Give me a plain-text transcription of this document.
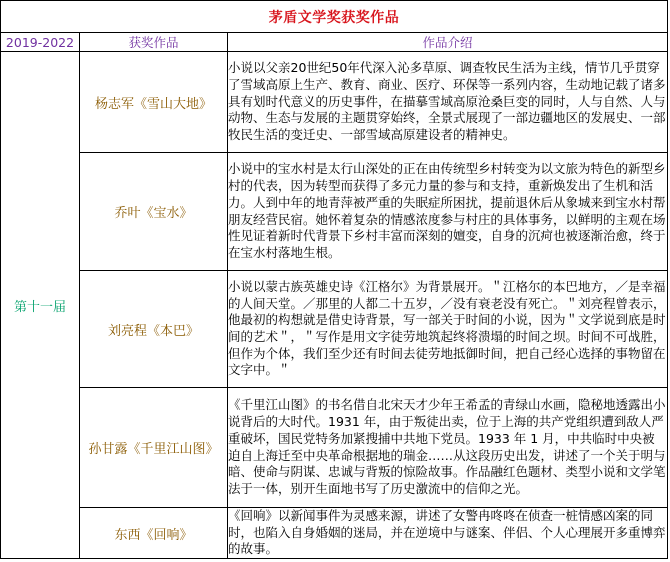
茅盾文学奖获奖作品		
2019-2022	获奖作品	作品介绍
第十一届	杨志军《雪山大地》	小说以父亲20世纪50年代深入沁多草原、调查牧民生活为主线，情节几乎贯穿了雪域高原上生产、教育、商业、医疗、环保等一系列内容，生动地记载了诸多具有划时代意义的历史事件，在描摹雪域高原沧桑巨变的同时，人与自然、人与动物、生态与发展的主题贯穿始终，全景式展现了一部边疆地区的发展史、一部牧民生活的变迁史、一部雪域高原建设者的精神史。

	乔叶《宝水》	小说中的宝水村是太行山深处的正在由传统型乡村转变为以文旅为特色的新型乡村的代表，因为转型而获得了多元力量的参与和支持，重新焕发出了生机和活力。人到中年的地青萍被严重的失眠症所困扰，提前退休后从象城来到宝水村帮朋友经营民宿。她怀着复杂的情感浓度参与村庄的具体事务，以鲜明的主观在场性见证着新时代背景下乡村丰富而深刻的嬗变，自身的沉疴也被逐渐治愈，终于在宝水村落地生根。

	刘亮程《本巴》	小说以蒙古族英雄史诗《江格尔》为背景展开。＂江格尔的本巴地方，／是幸福的人间天堂。／那里的人都二十五岁，／没有衰老没有死亡。＂刘亮程曾表示，他最初的构想就是借史诗背景，写一部关于时间的小说，因为＂文学说到底是时间的艺术＂，＂写作是用文字徒劳地筑起终将溃塌的时间之坝。时间不可战胜，但作为个体，我们至少还有时间去徒劳地抵御时间，把自己经心选择的事物留在文字中。＂

	孙甘露《千里江山图》	《千里江山图》的书名借自北宋天才少年王希孟的青绿山水画，隐秘地透露出小说背后的大时代。1931 年，由于叛徒出卖，位于上海的共产党组织遭到敌人严重破坏，国民党特务加紧搜捕中共地下党员。1933 年 1 月，中共临时中央被迫自上海迁至中央革命根据地的瑞金……从这段历史出发，讲述了一个关于明与暗、使命与阴谋、忠诚与背叛的惊险故事。作品融红色题材、类型小说和文学笔法于一体，别开生面地书写了历史激流中的信仰之光。

	东西《回响》	《回响》以新闻事件为灵感来源，讲述了女警冉咚咚在侦查一桩情感凶案的同时，也陷入自身婚姻的迷局，并在逆境中与谜案、伴侣、个人心理展开多重博弈的故事。
